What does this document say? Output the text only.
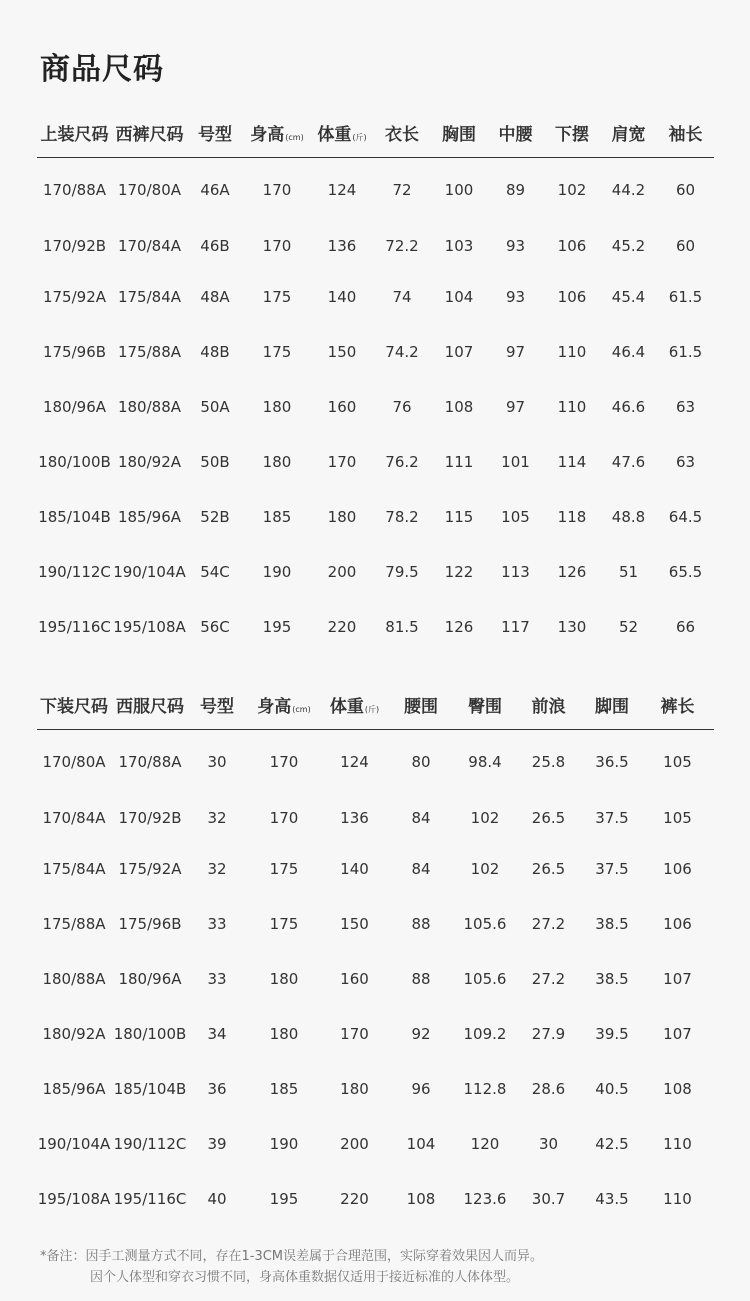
商品尺码
上装尺码	西裤尺码	号型	身高(cm)	体重(斤)	衣长	胸围	中腰	下摆	肩宽	袖长
170/88A	170/80A	46A	170	124	72	100	89	102	44.2	60
170/92B	170/84A	46B	170	136	72.2	103	93	106	45.2	60
175/92A	175/84A	48A	175	140	74	104	93	106	45.4	61.5
175/96B	175/88A	48B	175	150	74.2	107	97	110	46.4	61.5
180/96A	180/88A	50A	180	160	76	108	97	110	46.6	63
180/100B	180/92A	50B	180	170	76.2	111	101	114	47.6	63
185/104B	185/96A	52B	185	180	78.2	115	105	118	48.8	64.5
190/112C	190/104A	54C	190	200	79.5	122	113	126	51	65.5
195/116C	195/108A	56C	195	220	81.5	126	117	130	52	66
下装尺码	西服尺码	号型	身高(cm)	体重(斤)	腰围	臀围	前浪	脚围	裤长
170/80A	170/88A	30	170	124	80	98.4	25.8	36.5	105
170/84A	170/92B	32	170	136	84	102	26.5	37.5	105
175/84A	175/92A	32	175	140	84	102	26.5	37.5	106
175/88A	175/96B	33	175	150	88	105.6	27.2	38.5	106
180/88A	180/96A	33	180	160	88	105.6	27.2	38.5	107
180/92A	180/100B	34	180	170	92	109.2	27.9	39.5	107
185/96A	185/104B	36	185	180	96	112.8	28.6	40.5	108
190/104A	190/112C	39	190	200	104	120	30	42.5	110
195/108A	195/116C	40	195	220	108	123.6	30.7	43.5	110
*备注：因手工测量方式不同，存在1-3CM误差属于合理范围，实际穿着效果因人而异。
因个人体型和穿衣习惯不同，身高体重数据仅适用于接近标准的人体体型。
